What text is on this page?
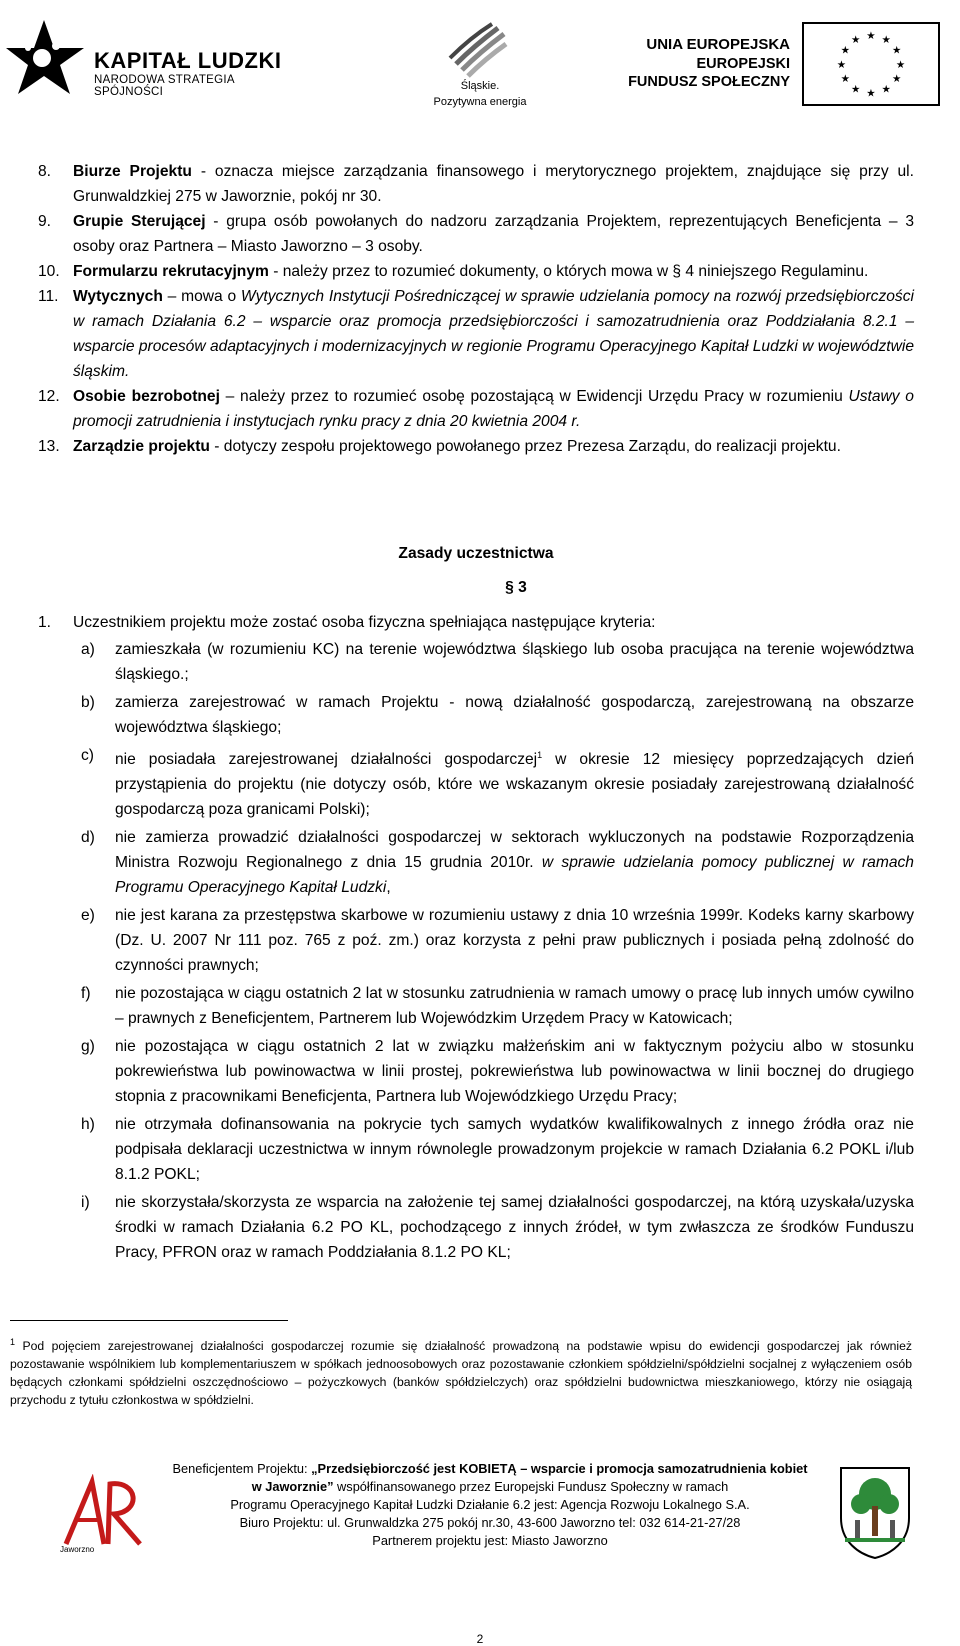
KAPITAŁ LUDZKI
NARODOWA STRATEGIA SPÓJNOŚCI	Śląskie.
Pozytywna energia
UNIA EUROPEJSKA
EUROPEJSKI
FUNDUSZ SPOŁECZNY
★ ★
★
★
★
★
★
★
★
★
★
★

8. Biurze Projektu - oznacza miejsce zarządzania finansowego i merytorycznego projektem, znajdujące się przy ul. Grunwaldzkiej 275 w Jaworznie, pokój nr 30.

9. Grupie Sterującej - grupa osób powołanych do nadzoru zarządzania Projektem, reprezentujących Beneficjenta – 3 osoby oraz Partnera – Miasto Jaworzno – 3 osoby.

10. Formularzu rekrutacyjnym - należy przez to rozumieć dokumenty, o których mowa w § 4 niniejszego Regulaminu.

11. Wytycznych – mowa o Wytycznych Instytucji Pośredniczącej w sprawie udzielania pomocy na rozwój przedsiębiorczości w ramach Działania 6.2 – wsparcie oraz promocja przedsiębiorczości i samozatrudnienia oraz Poddziałania 8.2.1 – wsparcie procesów adaptacyjnych i modernizacyjnych w regionie Programu Operacyjnego Kapitał Ludzki w województwie śląskim.

12. Osobie bezrobotnej – należy przez to rozumieć osobę pozostającą w Ewidencji Urzędu Pracy w rozumieniu Ustawy o promocji zatrudnienia i instytucjach rynku pracy z dnia 20 kwietnia 2004 r.

13. Zarządzie projektu - dotyczy zespołu projektowego powołanego przez Prezesa Zarządu, do realizacji projektu.

Zasady uczestnictwa
§ 3

1. Uczestnikiem projektu może zostać osoba fizyczna spełniająca następujące kryteria:

a) zamieszkała (w rozumieniu KC) na terenie województwa śląskiego lub osoba pracująca na terenie województwa śląskiego.;

b) zamierza zarejestrować w ramach Projektu - nową działalność gospodarczą, zarejestrowaną na obszarze województwa śląskiego;

c) nie posiadała zarejestrowanej działalności gospodarczej$^1$ w okresie 12 miesięcy poprzedzających dzień przystąpienia do projektu (nie dotyczy osób, które we wskazanym okresie posiadały zarejestrowaną działalność gospodarczą poza granicami Polski);

d) nie zamierza prowadzić działalności gospodarczej w sektorach wykluczonych na podstawie Rozporządzenia Ministra Rozwoju Regionalnego z dnia 15 grudnia 2010r. w sprawie udzielania pomocy publicznej w ramach Programu Operacyjnego Kapitał Ludzki,

e) nie jest karana za przestępstwa skarbowe w rozumieniu ustawy z dnia 10 września 1999r. Kodeks karny skarbowy (Dz. U. 2007 Nr 111 poz. 765 z poź. zm.) oraz korzysta z pełni praw publicznych i posiada pełną zdolność do czynności prawnych;

f) nie pozostająca w ciągu ostatnich 2 lat w stosunku zatrudnienia w ramach umowy o pracę lub innych umów cywilno – prawnych z Beneficjentem, Partnerem lub Wojewódzkim Urzędem Pracy w Katowicach;

g) nie pozostająca w ciągu ostatnich 2 lat w związku małżeńskim ani w faktycznym pożyciu albo w stosunku pokrewieństwa lub powinowactwa w linii prostej, pokrewieństwa lub powinowactwa w linii bocznej do drugiego stopnia z pracownikami Beneficjenta, Partnera lub Wojewódzkiego Urzędu Pracy;

h) nie otrzymała dofinansowania na pokrycie tych samych wydatków kwalifikowalnych z innego źródła oraz nie podpisała deklaracji uczestnictwa w innym równolegle prowadzonym projekcie w ramach Działania 6.2 POKL i/lub 8.1.2 POKL;

i) nie skorzystała/skorzysta ze wsparcia na założenie tej samej działalności gospodarczej, na którą uzyskała/uzyska środki w ramach Działania 6.2 PO KL, pochodzącego z innych źródeł, w tym zwłaszcza ze środków Funduszu Pracy, PFRON oraz w ramach Poddziałania 8.1.2 PO KL;

$^1$ Pod pojęciem zarejestrowanej działalności gospodarczej rozumie się działalność prowadzoną na podstawie wpisu do ewidencji gospodarczej jak również pozostawanie wspólnikiem lub komplementariuszem w spółkach jednoosobowych oraz pozostawanie członkiem spółdzielni/spółdzielni socjalnej z wyłączeniem osób będących członkami spółdzielni oszczędnościowo – pożyczkowych (banków spółdzielczych) oraz spółdzielni budownictwa mieszkaniowego, którzy nie osiągają przychodu z tytułu członkostwa w spółdzielni.
Jaworzno
Beneficjentem Projektu: „Przedsiębiorczość jest KOBIETĄ – wsparcie i promocja samozatrudnienia kobiet w Jaworznie” współfinansowanego przez Europejski Fundusz Społeczny w ramach
Programu Operacyjnego Kapitał Ludzki Działanie 6.2 jest: Agencja Rozwoju Lokalnego S.A.
Biuro Projektu: ul. Grunwaldzka 275 pokój nr.30, 43-600 Jaworzno tel: 032 614-21-27/28
Partnerem projektu jest: Miasto Jaworzno
2
